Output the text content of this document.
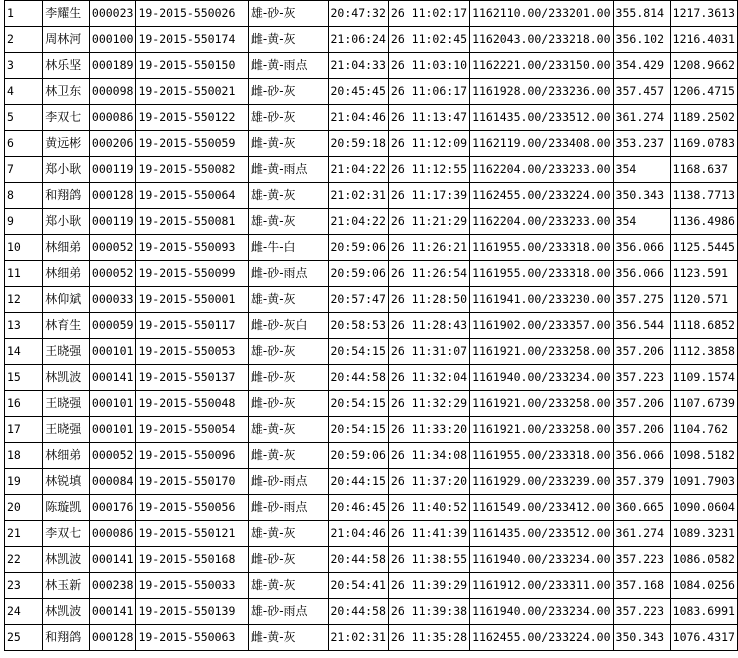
1	李耀生	000023	19-2015-550026	雄-砂-灰	20:47:32	26 11:02:17	1162110.00/233201.00	355.814	1217.3613
2	周林河	000100	19-2015-550174	雌-黄-灰	21:06:24	26 11:02:45	1162043.00/233218.00	356.102	1216.4031
3	林乐坚	000189	19-2015-550150	雌-黄-雨点	21:04:33	26 11:03:10	1162221.00/233150.00	354.429	1208.9662
4	林卫东	000098	19-2015-550021	雌-砂-灰	20:45:45	26 11:06:17	1161928.00/233236.00	357.457	1206.4715
5	李双七	000086	19-2015-550122	雄-砂-灰	21:04:46	26 11:13:47	1161435.00/233512.00	361.274	1189.2502
6	黄远彬	000206	19-2015-550059	雌-黄-灰	20:59:18	26 11:12:09	1162119.00/233408.00	353.237	1169.0783
7	郑小耿	000119	19-2015-550082	雌-黄-雨点	21:04:22	26 11:12:55	1162204.00/233233.00	354	1168.637
8	和翔鸽	000128	19-2015-550064	雄-黄-灰	21:02:31	26 11:17:39	1162455.00/233224.00	350.343	1138.7713
9	郑小耿	000119	19-2015-550081	雄-黄-灰	21:04:22	26 11:21:29	1162204.00/233233.00	354	1136.4986
10	林细弟	000052	19-2015-550093	雌-牛-白	20:59:06	26 11:26:21	1161955.00/233318.00	356.066	1125.5445
11	林细弟	000052	19-2015-550099	雌-砂-雨点	20:59:06	26 11:26:54	1161955.00/233318.00	356.066	1123.591
12	林仰斌	000033	19-2015-550001	雄-黄-灰	20:57:47	26 11:28:50	1161941.00/233230.00	357.275	1120.571
13	林育生	000059	19-2015-550117	雌-砂-灰白	20:58:53	26 11:28:43	1161902.00/233357.00	356.544	1118.6852
14	王晓强	000101	19-2015-550053	雄-砂-灰	20:54:15	26 11:31:07	1161921.00/233258.00	357.206	1112.3858
15	林凯波	000141	19-2015-550137	雌-砂-灰	20:44:58	26 11:32:04	1161940.00/233234.00	357.223	1109.1574
16	王晓强	000101	19-2015-550048	雌-砂-灰	20:54:15	26 11:32:29	1161921.00/233258.00	357.206	1107.6739
17	王晓强	000101	19-2015-550054	雄-黄-灰	20:54:15	26 11:33:20	1161921.00/233258.00	357.206	1104.762
18	林细弟	000052	19-2015-550096	雌-黄-灰	20:59:06	26 11:34:08	1161955.00/233318.00	356.066	1098.5182
19	林锐填	000084	19-2015-550170	雌-砂-雨点	20:44:15	26 11:37:20	1161929.00/233239.00	357.379	1091.7903
20	陈璇凯	000176	19-2015-550056	雌-砂-雨点	20:46:45	26 11:40:52	1161549.00/233412.00	360.665	1090.0604
21	李双七	000086	19-2015-550121	雄-黄-灰	21:04:46	26 11:41:39	1161435.00/233512.00	361.274	1089.3231
22	林凯波	000141	19-2015-550168	雌-砂-灰	20:44:58	26 11:38:55	1161940.00/233234.00	357.223	1086.0582
23	林玉新	000238	19-2015-550033	雄-黄-灰	20:54:41	26 11:39:29	1161912.00/233311.00	357.168	1084.0256
24	林凯波	000141	19-2015-550139	雄-砂-雨点	20:44:58	26 11:39:38	1161940.00/233234.00	357.223	1083.6991
25	和翔鸽	000128	19-2015-550063	雌-黄-灰	21:02:31	26 11:35:28	1162455.00/233224.00	350.343	1076.4317
